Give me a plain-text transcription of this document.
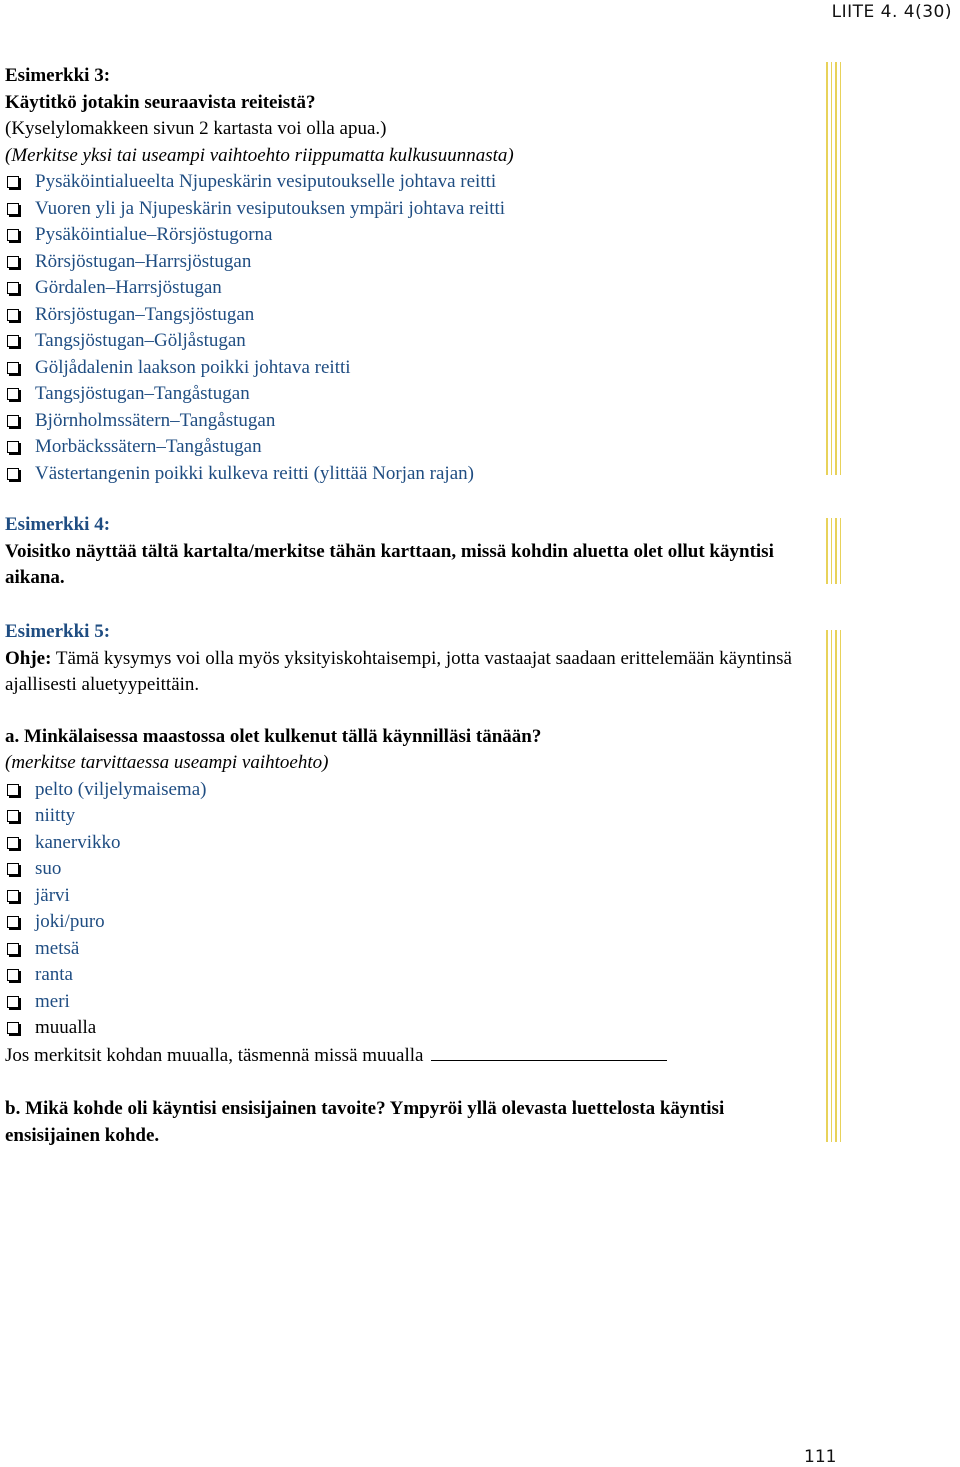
LIITE 4. 4(30)
Esimerkki 3:
Käytitkö jotakin seuraavista reiteistä?
(Kyselylomakkeen sivun 2 kartasta voi olla apua.)
(Merkitse yksi tai useampi vaihtoehto riippumatta kulkusuunnasta)
Pysäköintialueelta Njupeskärin vesiputoukselle johtava reitti
Vuoren yli ja Njupeskärin vesiputouksen ympäri johtava reitti
Pysäköintialue–Rörsjöstugorna
Rörsjöstugan–Harrsjöstugan
Gördalen–Harrsjöstugan
Rörsjöstugan–Tangsjöstugan
Tangsjöstugan–Göljåstugan
Göljådalenin laakson poikki johtava reitti
Tangsjöstugan–Tangåstugan
Björnholmssätern–Tangåstugan
Morbäckssätern–Tangåstugan
Västertangenin poikki kulkeva reitti (ylittää Norjan rajan)
Esimerkki 4:
Voisitko näyttää tältä kartalta/merkitse tähän karttaan, missä kohdin aluetta olet ollut käyntisi aikana.
Esimerkki 5:
Ohje: Tämä kysymys voi olla myös yksityiskohtaisempi, jotta vastaajat saadaan erittelemään käyntinsä ajallisesti aluetyypeittäin.
a. Minkälaisessa maastossa olet kulkenut tällä käynnilläsi tänään?
(merkitse tarvittaessa useampi vaihtoehto)
pelto (viljelymaisema)
niitty
kanervikko
suo
järvi
joki/puro
metsä
ranta
meri
muualla
Jos merkitsit kohdan muualla, täsmennä missä muualla
b. Mikä kohde oli käyntisi ensisijainen tavoite? Ympyröi yllä olevasta luettelosta käyntisi ensisijainen kohde.
111
